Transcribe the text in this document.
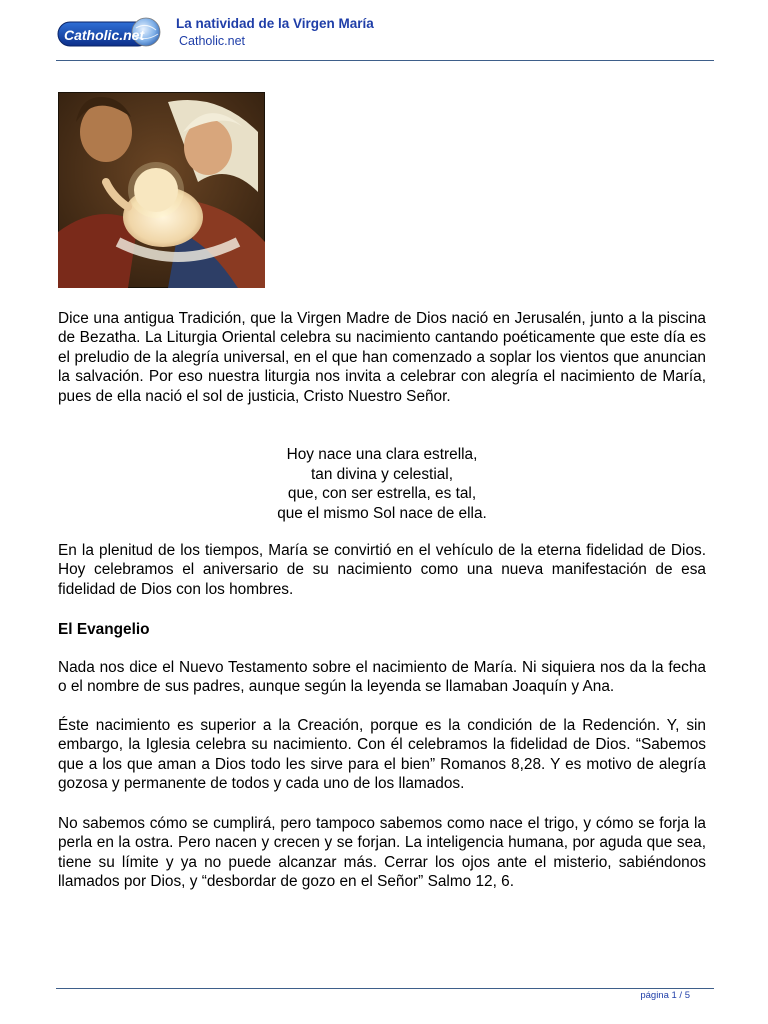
Catholic.net
La natividad de la Virgen María
Catholic.net

Dice una antigua Tradición, que la Virgen Madre de Dios nació en Jerusalén, junto a la piscina de Bezatha. La Liturgia Oriental celebra su nacimiento cantando poéticamente que este día es el preludio de la alegría universal, en el que han comenzado a soplar los vientos que anuncian la salvación. Por eso nuestra liturgia nos invita a celebrar con alegría el nacimiento de María, pues de ella nació el sol de justicia, Cristo Nuestro Señor.

Hoy nace una clara estrella,
tan divina y celestial,
que, con ser estrella, es tal,
que el mismo Sol nace de ella.

En la plenitud de los tiempos, María se convirtió en el vehículo de la eterna fidelidad de Dios. Hoy celebramos el aniversario de su nacimiento como una nueva manifestación de esa fidelidad de Dios con los hombres.

El Evangelio

Nada nos dice el Nuevo Testamento sobre el nacimiento de María. Ni siquiera nos da la fecha o el nombre de sus padres, aunque según la leyenda se llamaban Joaquín y Ana.

Éste nacimiento es superior a la Creación, porque es la condición de la Redención. Y, sin embargo, la Iglesia celebra su nacimiento. Con él celebramos la fidelidad de Dios. “Sabemos que a los que aman a Dios todo les sirve para el bien” Romanos 8,28. Y es motivo de alegría gozosa y permanente de todos y cada uno de los llamados.

No sabemos cómo se cumplirá, pero tampoco sabemos como nace el trigo, y cómo se forja la perla en la ostra. Pero nacen y crecen y se forjan. La inteligencia humana, por aguda que sea, tiene su límite y ya no puede alcanzar más. Cerrar los ojos ante el misterio, sabiéndonos llamados por Dios, y “desbordar de gozo en el Señor” Salmo 12, 6.

página 1 / 5
